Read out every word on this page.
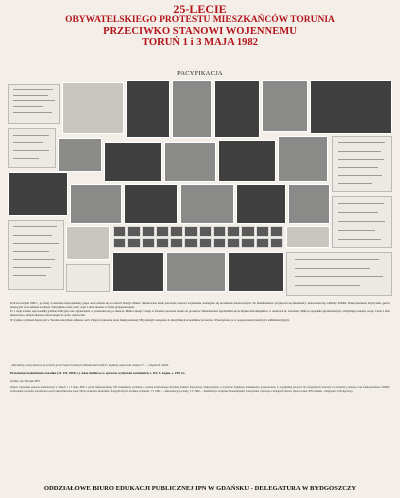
25-LECIE
OBYWATELSKIEGO PROTESTU MIESZKAŃCÓW TORUNIA
PRZECIWKO STANOWI WOJENNEMU
TORUŃ 1 i 3 MAJA 1982
PACYFIKACJA

Podczas festynu 1982 r., po mszy w katedrze świętojańskiej, grupa osób zebrała się na ulicach Starego Miasta. Skandowano hasła przeciwko stanowi wojennemu, domagano się uwolnienia internowanych. Do manifestantów przyłączali się mieszkańcy. Interweniowały oddziały ZOMO. Funkcjonariusze użyli pałek, gazów łzawiących oraz armatek wodnych. Zatrzymano wiele osób, część z nich skazano w trybie przyspieszonym.

Po 1 maja władze wprowadziły godzinę milicyjną oraz ograniczenia w poruszaniu się po mieście. Mimo represji 3 maja w Toruniu ponownie doszło do protestów. Demonstranci zgromadzili się na Rynku Staromiejskim i w okolicach ul. Szerokiej. Milicja rozpędziła zgromadzonych, zatrzymując kolejne osoby. Część z nich internowano, innych ukarano przez kolegia do spraw wykroczeń.

W wyniku wydarzeń majowych w Toruniu zatrzymano kilkaset osób. Zdjęcia wykonane przez funkcjonariuszy SB posłużyły następnie do identyfikacji uczestników protestów. Wykorzystano je w postępowaniach karnych i administracyjnych.

„Wyrażamy swój stanowczy protest przeciwko brutalnym działaniom milicji i żądamy ukarania winnych” — fragment ulotki.
Protokół przesłuchania świadka (11. III. 2006 r.). Akta śledztwa w sprawie wydarzeń toruńskich, t. III. 2. kopia, s. 198 i n.
Źródło: Archiwum IPN.
Zdjęcia wykonane podczas demonstracji w dniach 1 i 3 maja 1982 r. przez funkcjonariuszy SB. Dokumenty pochodzą z zasobu archiwalnego Instytutu Pamięci Narodowej. Wykorzystane w wystawie fragmenty dokumentów pozostawiono w oryginalnej pisowni. Na fotografiach widoczni są uczestnicy protestu oraz funkcjonariusze ZOMO. Zestawienie portretów przedstawia osoby identyfikowane przez SB na podstawie materiałów fotograficznych. Kronika wydarzeń: 1 V 1982 — demonstracja po mszy; 3 V 1982 — manifestacja na Rynku Staromiejskim; zatrzymania i represje w kolejnych dniach. Opracowanie: IPN Gdańsk – Delegatura w Bydgoszczy.
ODDZIAŁOWE BIURO EDUKACJI PUBLICZNEJ IPN W GDAŃSKU - DELEGATURA W BYDGOSZCZY
